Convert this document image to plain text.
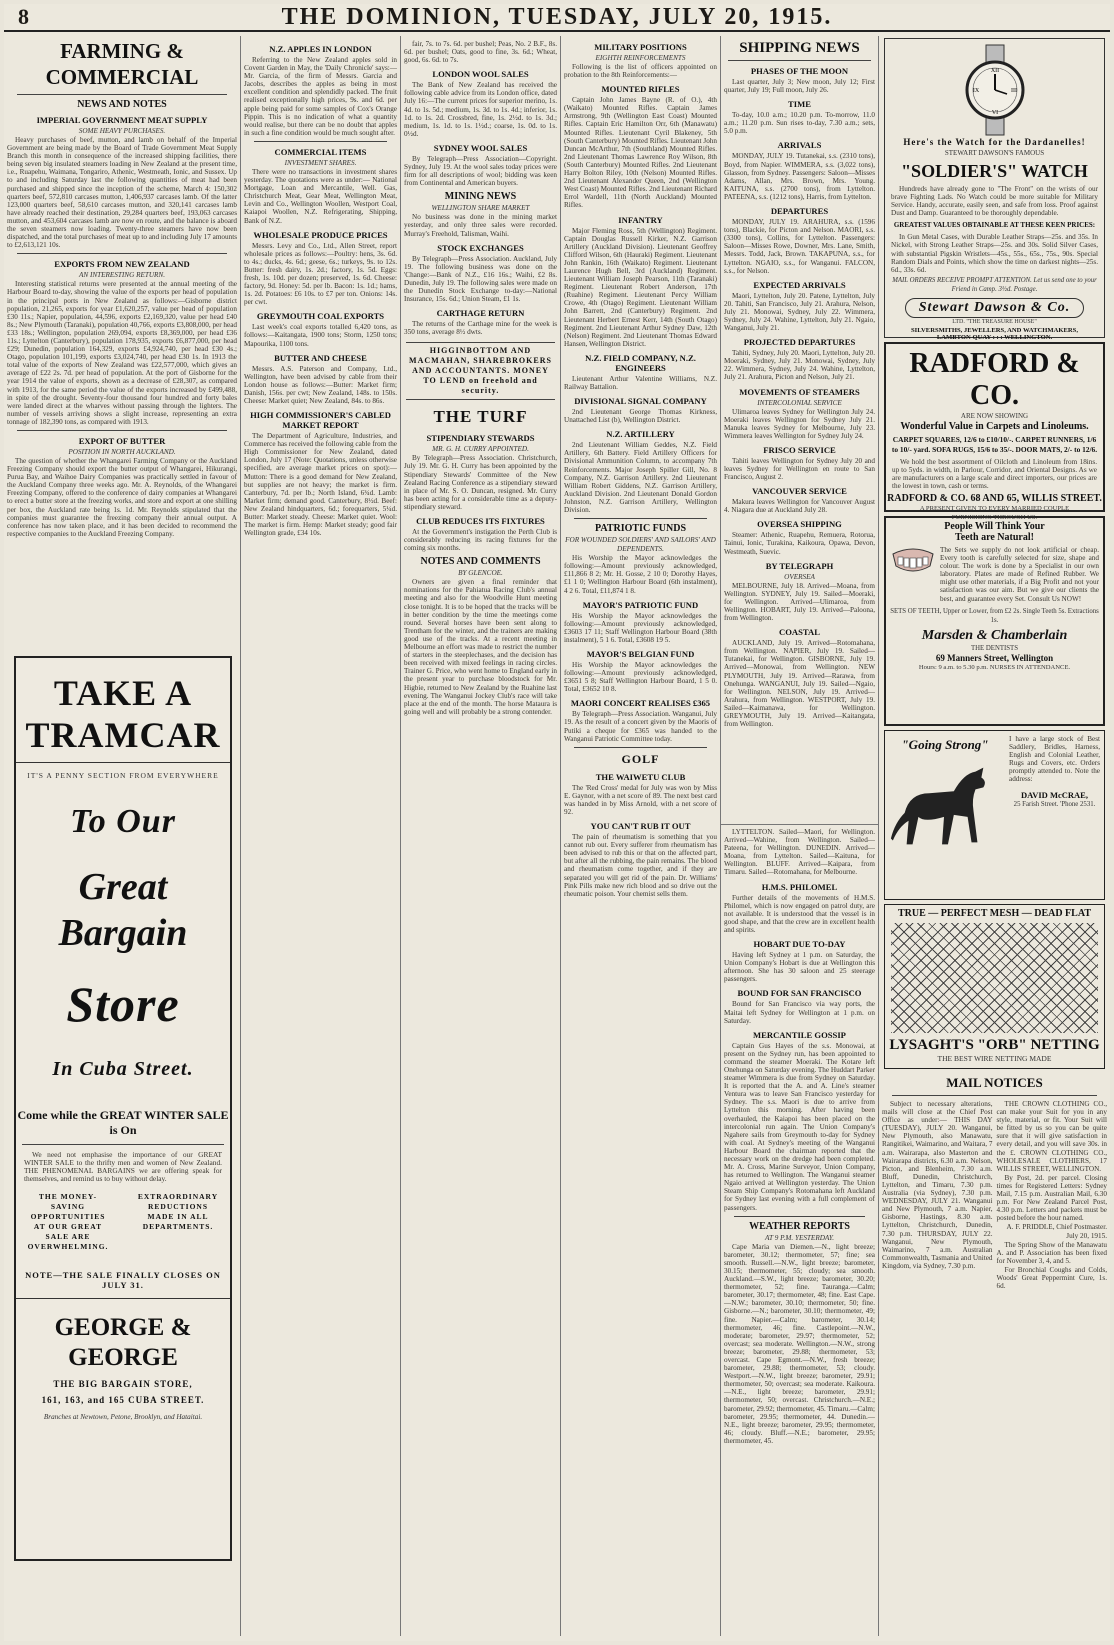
8	THE DOMINION, TUESDAY, JULY 20, 1915.
FARMING & COMMERCIAL
NEWS AND NOTES
IMPERIAL GOVERNMENT MEAT SUPPLY
SOME HEAVY PURCHASES.

Heavy purchases of beef, mutton, and lamb on behalf of the Imperial Government are being made by the Board of Trade Government Meat Supply Branch this month in consequence of the increased shipping facilities, there being seven big insulated steamers loading in New Zealand at the present time, i.e., Ruapehu, Waimana, Tongariro, Athenic, Westmeath, Ionic, and Sussex. Up to and including Saturday last the following quantities of meat had been purchased and shipped since the inception of the scheme, March 4: 150,302 quarters beef, 572,810 carcases mutton, 1,406,937 carcases lamb. Of the latter 123,000 quarters beef, 58,610 carcases mutton, and 320,141 carcases lamb have already reached their destination, 29,284 quarters beef, 193,063 carcases mutton, and 453,604 carcases lamb are now en route, and the balance is aboard the seven steamers now loading. Twenty-three steamers have now been dispatched, and the total purchases of meat up to and including July 17 amounts to £2,613,121 10s.

EXPORTS FROM NEW ZEALAND
AN INTERESTING RETURN.

Interesting statistical returns were presented at the annual meeting of the Harbour Board to-day, showing the value of the exports per head of population in the principal ports in New Zealand as follows:—Gisborne district population, 21,265, exports for year £1,620,257, value per head of population £30 11s.; Napier, population, 44,596, exports £2,169,320, value per head £40 8s.; New Plymouth (Taranaki), population 40,766, exports £3,808,000, per head £33 18s.; Wellington, population 269,094, exports £8,369,000, per head £36 11s.; Lyttelton (Canterbury), population 178,935, exports £6,877,000, per head £29; Dunedin, population 164,329, exports £4,924,740, per head £30 4s.; Otago, population 101,199, exports £3,024,740, per head £30 1s. In 1913 the total value of the exports of New Zealand was £22,577,000, which gives an average of £22 2s. 7d. per head of population. At the port of Gisborne for the year 1914 the value of exports, shown as a decrease of £28,307, as compared with 1913, for the same period the value of the exports increased by £499,488, in spite of the drought. Seventy-four thousand four hundred and forty bales were landed direct at the wharves without passing through the lighters. The number of vessels arriving shows a slight increase, representing an extra tonnage of 182,390 tons, as compared with 1913.

EXPORT OF BUTTER
POSITION IN NORTH AUCKLAND.

The question of whether the Whangarei Farming Company or the Auckland Freezing Company should export the butter output of Whangarei, Hikurangi, Purua Bay, and Waihoe Dairy Companies was practically settled in favour of the Auckland Company three weeks ago. Mr. A. Reynolds, of the Whangarei Freezing Company, offered to the conference of dairy companies at Whangarei to erect a butter store at the freezing works, and store and export at one shilling per box, the Auckland rate being 1s. 1d. Mr. Reynolds stipulated that the companies must guarantee the freezing company their annual output. A conference has now taken place, and it has been decided to recommend the respective companies to the Auckland Freezing Company.

TAKE A TRAMCAR
IT'S A PENNY SECTION FROM EVERYWHERE
To Our
Great Bargain
Store
In Cuba Street.
Come while the GREAT WINTER SALE is On

We need not emphasise the importance of our GREAT WINTER SALE to the thrifty men and women of New Zealand. THE PHENOMENAL BARGAINS we are offering speak for themselves, and remind us to buy without delay.

THE MONEY-SAVING OPPORTUNITIES AT OUR GREAT SALE ARE OVERWHELMING.
EXTRAORDINARY REDUCTIONS MADE IN ALL DEPARTMENTS.
NOTE—THE SALE FINALLY CLOSES ON JULY 31.
GEORGE & GEORGE
THE BIG BARGAIN STORE,
161, 163, and 165 CUBA STREET.
Branches at Newtown, Petone, Brooklyn, and Hataitai.
N.Z. APPLES IN LONDON

Referring to the New Zealand apples sold in Covent Garden in May, the 'Daily Chronicle' says:—Mr. Garcia, of the firm of Messrs. Garcia and Jacobs, describes the apples as being in most excellent condition and splendidly packed. The fruit realised exceptionally high prices, 9s. and 6d. per apple being paid for some samples of Cox's Orange Pippin. This is no indication of what a quantity would realise, but there can be no doubt that apples in such a fine condition would be much sought after.

COMMERCIAL ITEMS
INVESTMENT SHARES.

There were no transactions in investment shares yesterday. The quotations were as under:— National Mortgage, Loan and Mercantile, Well. Gas, Christchurch Meat, Gear Meat, Wellington Meat, Levin and Co., Wellington Woollen, Westport Coal, Kaiapoi Woollen, N.Z. Refrigerating, Shipping, Bank of N.Z.

WHOLESALE PRODUCE PRICES

Messrs. Levy and Co., Ltd., Allen Street, report wholesale prices as follows:—Poultry: hens, 3s. 6d. to 4s.; ducks, 4s. 6d.; geese, 6s.; turkeys, 9s. to 12s. Butter: fresh dairy, 1s. 2d.; factory, 1s. 5d. Eggs: fresh, 1s. 10d. per dozen; preserved, 1s. 6d. Cheese: factory, 9d. Honey: 5d. per lb. Bacon: 1s. 1d.; hams, 1s. 2d. Potatoes: £6 10s. to £7 per ton. Onions: 14s. per cwt.

GREYMOUTH COAL EXPORTS

Last week's coal exports totalled 6,420 tons, as follows:—Kaitangata, 1900 tons; Storm, 1250 tons; Mapourika, 1100 tons.

BUTTER AND CHEESE

Messrs. A.S. Paterson and Company, Ltd., Wellington, have been advised by cable from their London house as follows:—Butter: Market firm; Danish, 156s. per cwt; New Zealand, 148s. to 150s. Cheese: Market quiet; New Zealand, 84s. to 86s.

HIGH COMMISSIONER'S CABLED MARKET REPORT

The Department of Agriculture, Industries, and Commerce has received the following cable from the High Commissioner for New Zealand, dated London, July 17 (Note: Quotations, unless otherwise specified, are average market prices on spot):—Mutton: There is a good demand for New Zealand, but supplies are not heavy; the market is firm. Canterbury, 7d. per lb.; North Island, 6¾d. Lamb: Market firm; demand good. Canterbury, 8½d. Beef: New Zealand hindquarters, 6d.; forequarters, 5¼d. Butter: Market steady. Cheese: Market quiet. Wool: The market is firm. Hemp: Market steady; good fair Wellington grade, £34 10s.

fair, 7s. to 7s. 6d. per bushel; Peas, No. 2 B.F., 8s. 6d. per bushel; Oats, good to fine, 3s. 6d.; Wheat, good, 6s. 6d. to 7s.

LONDON WOOL SALES

The Bank of New Zealand has received the following cable advice from its London office, dated July 16:—The current prices for superior merino, 1s. 4d. to 1s. 5d.; medium, 1s. 3d. to 1s. 4d.; inferior, 1s. 1d. to 1s. 2d. Crossbred, fine, 1s. 2½d. to 1s. 3d.; medium, 1s. 1d. to 1s. 1½d.; coarse, 1s. 0d. to 1s. 0½d.

SYDNEY WOOL SALES

By Telegraph—Press Association—Copyright. Sydney, July 19. At the wool sales today prices were firm for all descriptions of wool; bidding was keen from Continental and American buyers.

MINING NEWS
WELLINGTON SHARE MARKET

No business was done in the mining market yesterday, and only three sales were recorded. Murray's Freehold, Talisman, Waihi.

STOCK EXCHANGES

By Telegraph—Press Association. Auckland, July 19. The following business was done on the 'Change:—Bank of N.Z., £16 16s.; Waihi, £2 8s. Dunedin, July 19. The following sales were made on the Dunedin Stock Exchange to-day:—National Insurance, 15s. 6d.; Union Steam, £1 1s.

CARTHAGE RETURN

The returns of the Carthage mine for the week is 350 tons, average 8½ dwts.

HIGGINBOTTOM AND MACMAHAN, SHAREBROKERS AND ACCOUNTANTS. MONEY TO LEND on freehold and security.
THE TURF
STIPENDIARY STEWARDS
MR. G. H. CURRY APPOINTED.

By Telegraph—Press Association. Christchurch, July 19. Mr. G. H. Curry has been appointed by the Stipendiary Stewards' Committee of the New Zealand Racing Conference as a stipendiary steward in place of Mr. S. O. Duncan, resigned. Mr. Curry has been acting for a considerable time as a deputy-stipendiary steward.

CLUB REDUCES ITS FIXTURES

At the Government's instigation the Perth Club is considerably reducing its racing fixtures for the coming six months.

NOTES AND COMMENTS
BY GLENCOE.

Owners are given a final reminder that nominations for the Pahiatua Racing Club's annual meeting and also for the Woodville Hunt meeting close tonight. It is to be hoped that the tracks will be in better condition by the time the meetings come round. Several horses have been sent along to Trentham for the winter, and the trainers are making good use of the tracks. At a recent meeting in Melbourne an effort was made to restrict the number of starters in the steeplechases, and the decision has been received with mixed feelings in racing circles. Trainer G. Price, who went home to England early in the present year to purchase bloodstock for Mr. Higbie, returned to New Zealand by the Ruahine last evening. The Wanganui Jockey Club's race will take place at the end of the month. The horse Mataura is going well and will probably be a strong contender.

MILITARY POSITIONS
EIGHTH REINFORCEMENTS

Following is the list of officers appointed on probation to the 8th Reinforcements:—

MOUNTED RIFLES

Captain John James Bayne (R. of O.), 4th (Waikato) Mounted Rifles. Captain James Armstrong, 9th (Wellington East Coast) Mounted Rifles. Captain Eric Hamilton Orr, 6th (Manawatu) Mounted Rifles. Lieutenant Cyril Blakeney, 5th (South Canterbury) Mounted Rifles. Lieutenant John Duncan McArthur, 7th (Southland) Mounted Rifles. 2nd Lieutenant Thomas Lawrence Roy Wilson, 8th (South Canterbury) Mounted Rifles. 2nd Lieutenant Harry Bolton Riley, 10th (Nelson) Mounted Rifles. 2nd Lieutenant Alexander Queen, 2nd (Wellington West Coast) Mounted Rifles. 2nd Lieutenant Richard Errol Wardell, 11th (North Auckland) Mounted Rifles.

INFANTRY

Major Fleming Ross, 5th (Wellington) Regiment. Captain Douglas Russell Kirker, N.Z. Garrison Artillery (Auckland Division). Lieutenant Geoffrey Clifford Wilson, 6th (Hauraki) Regiment. Lieutenant John Rankin, 16th (Waikato) Regiment. Lieutenant Laurence Hugh Bell, 3rd (Auckland) Regiment. Lieutenant William Joseph Pearson, 11th (Taranaki) Regiment. Lieutenant Robert Anderson, 17th (Ruahine) Regiment. Lieutenant Percy William Crowe, 4th (Otago) Regiment. Lieutenant William John Barrett, 2nd (Canterbury) Regiment. 2nd Lieutenant Herbert Ernest Kerr, 14th (South Otago) Regiment. 2nd Lieutenant Arthur Sydney Daw, 12th (Nelson) Regiment. 2nd Lieutenant Thomas Edward Hansen, Wellington District.

N.Z. FIELD COMPANY, N.Z. ENGINEERS

Lieutenant Arthur Valentine Williams, N.Z. Railway Battalion.

DIVISIONAL SIGNAL COMPANY

2nd Lieutenant George Thomas Kirkness, Unattached List (b), Wellington District.

N.Z. ARTILLERY

2nd Lieutenant William Geddes, N.Z. Field Artillery, 6th Battery. Field Artillery Officers for Divisional Ammunition Column, to accompany 7th Reinforcements. Major Joseph Spiller Gill, No. 8 Company, N.Z. Garrison Artillery. 2nd Lieutenant William Robert Giddens, N.Z. Garrison Artillery, Auckland Division. 2nd Lieutenant Donald Gordon Johnston, N.Z. Garrison Artillery, Wellington Division.

PATRIOTIC FUNDS
FOR WOUNDED SOLDIERS' AND SAILORS' AND DEPENDENTS.

His Worship the Mayor acknowledges the following:—Amount previously acknowledged, £11,866 8 2; Mr. H. Gosse, 2 10 0; Dorothy Hayes, £1 1 0; Wellington Harbour Board (6th instalment), 4 2 6. Total, £11,874 1 8.

MAYOR'S PATRIOTIC FUND

His Worship the Mayor acknowledges the following:—Amount previously acknowledged, £3603 17 11; Staff Wellington Harbour Board (38th instalment), 5 1 6. Total, £3608 19 5.

MAYOR'S BELGIAN FUND

His Worship the Mayor acknowledges the following:—Amount previously acknowledged, £3651 5 8; Staff Wellington Harbour Board, 1 5 0. Total, £3652 10 8.

MAORI CONCERT REALISES £365

By Telegraph—Press Association. Wanganui, July 19. As the result of a concert given by the Maoris of Putiki a cheque for £365 was handed to the Wanganui Patriotic Committee today.

GOLF
THE WAIWETU CLUB

The 'Red Cross' medal for July was won by Miss E. Gaynor, with a net score of 89. The next best card was handed in by Miss Arnold, with a net score of 92.

YOU CAN'T RUB IT OUT

The pain of rheumatism is something that you cannot rub out. Every sufferer from rheumatism has been advised to rub this or that on the affected part, but after all the rubbing, the pain remains. The blood and rheumatism come together, and if they are separated you will get rid of the pain. Dr. Williams' Pink Pills make new rich blood and so drive out the rheumatic poison. Your chemist sells them.

SHIPPING NEWS
PHASES OF THE MOON

Last quarter, July 3; New moon, July 12; First quarter, July 19; Full moon, July 26.

TIME

To-day, 10.0 a.m.; 10.20 p.m. To-morrow, 11.0 a.m.; 11.20 p.m. Sun rises to-day, 7.30 a.m.; sets, 5.0 p.m.

ARRIVALS

MONDAY, JULY 19. Tutanekai, s.s. (2310 tons), Boyd, from Napier. WIMMERA, s.s. (3,022 tons), Glasson, from Sydney. Passengers: Saloon—Misses Adams, Allan, Mrs. Brown, Mrs. Young. KAITUNA, s.s. (2700 tons), from Lyttelton. PATEENA, s.s. (1212 tons), Harris, from Lyttelton.

DEPARTURES

MONDAY, JULY 19. ARAHURA, s.s. (1596 tons), Blackie, for Picton and Nelson. MAORI, s.s. (3300 tons), Collins, for Lyttelton. Passengers: Saloon—Misses Rowe, Downer, Mrs. Lane, Smith, Messrs. Todd, Jack, Brown. TAKAPUNA, s.s., for Lyttelton. NGAIO, s.s., for Wanganui. FALCON, s.s., for Nelson.

EXPECTED ARRIVALS

Maori, Lyttelton, July 20. Patene, Lyttelton, July 20. Tahiti, San Francisco, July 21. Arahura, Nelson, July 21. Monowai, Sydney, July 22. Wimmera, Sydney, July 24. Wahine, Lyttelton, July 21. Ngaio, Wanganui, July 21.

PROJECTED DEPARTURES

Tahiti, Sydney, July 20. Maori, Lyttelton, July 20. Moeraki, Sydney, July 21. Monowai, Sydney, July 22. Wimmera, Sydney, July 24. Wahine, Lyttelton, July 21. Arahura, Picton and Nelson, July 21.

MOVEMENTS OF STEAMERS
INTERCOLONIAL SERVICE

Ulimaroa leaves Sydney for Wellington July 24. Moeraki leaves Wellington for Sydney July 21. Manuka leaves Sydney for Melbourne, July 23. Wimmera leaves Wellington for Sydney July 24.

FRISCO SERVICE

Tahiti leaves Wellington for Sydney July 20 and leaves Sydney for Wellington en route to San Francisco, August 2.

VANCOUVER SERVICE

Makura leaves Wellington for Vancouver August 4. Niagara due at Auckland July 28.

OVERSEA SHIPPING

Steamer: Athenic, Ruapehu, Remuera, Rotorua, Tainui, Ionic, Turakina, Kaikoura, Opawa, Devon, Westmeath, Suevic.

BY TELEGRAPH
OVERSEA

MELBOURNE, July 18. Arrived—Moana, from Wellington. SYDNEY, July 19. Sailed—Moeraki, for Wellington. Arrived—Ulimaroa, from Wellington. HOBART, July 19. Arrived—Paloona, from Wellington.

COASTAL

AUCKLAND, July 19. Arrived—Rotomahana, from Wellington. NAPIER, July 19. Sailed—Tutanekai, for Wellington. GISBORNE, July 19. Arrived—Monowai, from Wellington. NEW PLYMOUTH, July 19. Arrived—Rarawa, from Onehunga. WANGANUI, July 19. Sailed—Ngaio, for Wellington. NELSON, July 19. Arrived—Arahura, from Wellington. WESTPORT, July 19. Sailed—Kaimanawa, for Wellington. GREYMOUTH, July 19. Arrived—Kaitangata, from Wellington.

XII
III
VI
IX
Here's the Watch for the Dardanelles!
STEWART DAWSON'S FAMOUS
"SOLDIER'S" WATCH

Hundreds have already gone to "The Front" on the wrists of our brave Fighting Lads. No Watch could be more suitable for Military Service. Handy, accurate, easily seen, and safe from loss. Proof against Dust and Damp. Guaranteed to be thoroughly dependable.

GREATEST VALUES OBTAINABLE AT THESE KEEN PRICES:

In Gun Metal Cases, with Durable Leather Straps—25s. and 35s. In Nickel, with Strong Leather Straps—25s. and 30s. Solid Silver Cases, with substantial Pigskin Wristlets—45s., 55s., 65s., 75s., 90s. Special Random Dials and Points, which show the time on darkest nights—25s. 6d., 33s. 6d.

MAIL ORDERS RECEIVE PROMPT ATTENTION. Let us send one to your Friend in Camp. 3½d. Postage.
Stewart Dawson & Co.
LTD. "THE TREASURE HOUSE"
SILVERSMITHS, JEWELLERS, AND WATCHMAKERS,
LAMBTON QUAY : : : WELLINGTON.
RADFORD & CO.
ARE NOW SHOWING
Wonderful Value in Carpets and Linoleums.
CARPET SQUARES, 12/6 to £10/10/-. CARPET RUNNERS, 1/6 to 10/- yard. SOFA RUGS, 15/6 to 35/-. DOOR MATS, 2/- to 12/6.

We hold the best assortment of Oilcloth and Linoleum from 18ins. up to 5yds. in width, in Parlour, Corridor, and Oriental Designs. As we are manufacturers on a large scale and direct importers, our prices are the lowest in town, cash or terms.

RADFORD & CO. 68 AND 65, WILLIS STREET.
A PRESENT GIVEN TO EVERY MARRIED COUPLE
FURNISHING THROUGH US.
People Will Think Your
Teeth are Natural!

The Sets we supply do not look artificial or cheap. Every tooth is carefully selected for size, shape and colour. The work is done by a Specialist in our own laboratory. Plates are made of Refined Rubber. We might use other materials, if a Big Profit and not your satisfaction was our aim. But we give our clients the best, and guarantee every Set. Consult Us NOW!

SETS OF TEETH, Upper or Lower, from £2 2s. Single Teeth 5s. Extractions 1s.
Marsden & Chamberlain
THE DENTISTS
69 Manners Street, Wellington
Hours: 9 a.m. to 5.30 p.m. NURSES IN ATTENDANCE.
"Going Strong"	I have a large stock of Best Saddlery, Bridles, Harness, English and Colonial Leather, Rugs and Covers, etc. Orders promptly attended to. Note the address:

DAVID McCRAE,
25 Farish Street. 'Phone 2531.
TRUE — PERFECT MESH — DEAD FLAT
LYSAGHT'S "ORB" NETTING
THE BEST WIRE NETTING MADE
MAIL NOTICES

Subject to necessary alterations, mails will close at the Chief Post Office as under:— THIS DAY (TUESDAY), JULY 20. Wanganui, New Plymouth, also Manawatu, Rangitikei, Waimarino, and Waitara, 7 a.m. Wairarapa, also Masterton and Wairarapa districts, 6.30 a.m. Nelson, Picton, and Blenheim, 7.30 a.m. Bluff, Dunedin, Christchurch, Lyttelton, and Timaru, 7.30 p.m. Australia (via Sydney), 7.30 p.m. WEDNESDAY, JULY 21. Wanganui and New Plymouth, 7 a.m. Napier, Gisborne, Hastings, 8.30 a.m. Lyttelton, Christchurch, Dunedin, 7.30 p.m. THURSDAY, JULY 22. Wanganui, New Plymouth, Waimarino, 7 a.m. Australian Commonwealth, Tasmania and United Kingdom, via Sydney, 7.30 p.m.

THE CROWN CLOTHING CO., can make your Suit for you in any style, material, or fit. Your Suit will be fitted by us so you can be quite sure that it will give satisfaction in every detail, and you will save 30s. in the £. CROWN CLOTHING CO., WHOLESALE CLOTHIERS, 17 WILLIS STREET, WELLINGTON.

By Post, 2d. per parcel. Closing times for Registered Letters: Sydney Mail, 7.15 p.m. Australian Mail, 6.30 p.m. For New Zealand Parcel Post, 4.30 p.m. Letters and packets must be posted before the hour named.

A. F. PRIDDLE, Chief Postmaster. July 20, 1915.

The Spring Show of the Manawatu A. and P. Association has been fixed for November 3, 4, and 5.

For Bronchial Coughs and Colds, Woods' Great Peppermint Cure, 1s. 6d.

LYTTELTON. Sailed—Maori, for Wellington. Arrived—Wahine, from Wellington. Sailed—Pateena, for Wellington. DUNEDIN. Arrived—Moana, from Lyttelton. Sailed—Kaituna, for Wellington. BLUFF. Arrived—Kaipara, from Timaru. Sailed—Rotomahana, for Melbourne.

H.M.S. PHILOMEL

Further details of the movements of H.M.S. Philomel, which is now engaged on patrol duty, are not available. It is understood that the vessel is in good shape, and that the crew are in excellent health and spirits.

HOBART DUE TO-DAY

Having left Sydney at 1 p.m. on Saturday, the Union Company's Hobart is due at Wellington this afternoon. She has 30 saloon and 25 steerage passengers.

BOUND FOR SAN FRANCISCO

Bound for San Francisco via way ports, the Maitai left Sydney for Wellington at 1 p.m. on Saturday.

MERCANTILE GOSSIP

Captain Gus Hayes of the s.s. Monowai, at present on the Sydney run, has been appointed to command the steamer Moeraki. The Kotare left Onehunga on Saturday evening. The Huddart Parker steamer Wimmera is due from Sydney on Saturday. It is reported that the A. and A. Line's steamer Ventura was to leave San Francisco yesterday for Sydney. The s.s. Maori is due to arrive from Lyttelton this morning. After having been overhauled, the Kaiapoi has been placed on the intercolonial run again. The Union Company's Ngahere sails from Greymouth to-day for Sydney with coal. At Sydney's meeting of the Wanganui Harbour Board the chairman reported that the necessary work on the dredge had been completed. Mr. A. Cross, Marine Surveyor, Union Company, has returned to Wellington. The Wanganui steamer Ngaio arrived at Wellington yesterday. The Union Steam Ship Company's Rotomahana left Auckland for Sydney last evening with a full complement of passengers.

WEATHER REPORTS
AT 9 P.M. YESTERDAY.

Cape Maria van Diemen.—N., light breeze; barometer, 30.12; thermometer, 57; fine; sea smooth. Russell.—N.W., light breeze; barometer, 30.15; thermometer, 55; cloudy; sea smooth. Auckland.—S.W., light breeze; barometer, 30.20; thermometer, 52; fine. Tauranga.—Calm; barometer, 30.17; thermometer, 48; fine. East Cape.—N.W.; barometer, 30.10; thermometer, 50; fine. Gisborne.—N.; barometer, 30.10; thermometer, 49; fine. Napier.—Calm; barometer, 30.14; thermometer, 46; fine. Castlepoint.—N.W., moderate; barometer, 29.97; thermometer, 52; overcast; sea moderate. Wellington.—N.W., strong breeze; barometer, 29.88; thermometer, 53; overcast. Cape Egmont.—N.W., fresh breeze; barometer, 29.88; thermometer, 53; cloudy. Westport.—N.W., light breeze; barometer, 29.91; thermometer, 50; overcast; sea moderate. Kaikoura.—N.E., light breeze; barometer, 29.91; thermometer, 50; overcast. Christchurch.—N.E.; barometer, 29.92; thermometer, 45. Timaru.—Calm; barometer, 29.95; thermometer, 44. Dunedin.—N.E., light breeze; barometer, 29.95; thermometer, 46; cloudy. Bluff.—N.E.; barometer, 29.95; thermometer, 45.
